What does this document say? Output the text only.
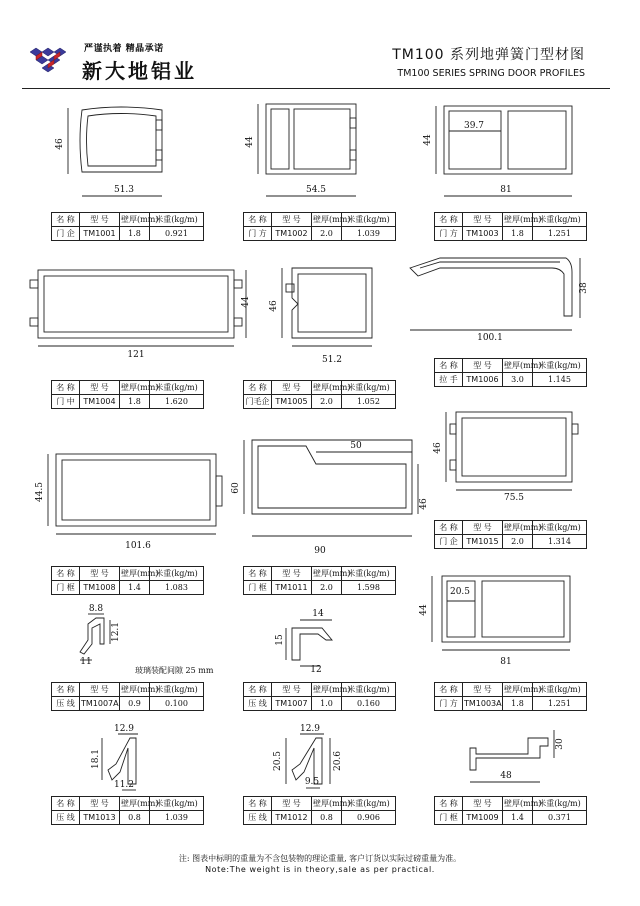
严谨执着 精晶承诺
新大地铝业
TM100 系列地弹簧门型材图
TM100 SERIES SPRING DOOR PROFILES
46
51.3
44
54.5
44
39.7
81
44
121
46
51.2
38
100.1
44.5
101.6
60
50
46
90
46
75.5
8.8
12.1
11
14
15
12
44
20.5
81
12.9
18.1
11.2
12.9
20.5	20.6
9.5
30
48
名 称	型 号	壁厚(mm)	米重(kg/m)
门 企	TM1001	1.8	0.921
名 称	型 号	壁厚(mm)	米重(kg/m)
门 方	TM1002	2.0	1.039
名 称	型 号	壁厚(mm)	米重(kg/m)
门 方	TM1003	1.8	1.251
名 称	型 号	壁厚(mm)	米重(kg/m)
门 中	TM1004	1.8	1.620
名 称	型 号	壁厚(mm)	米重(kg/m)
门毛企	TM1005	2.0	1.052
名 称	型 号	壁厚(mm)	米重(kg/m)
拉 手	TM1006	3.0	1.145
名 称	型 号	壁厚(mm)	米重(kg/m)
门 框	TM1008	1.4	1.083
名 称	型 号	壁厚(mm)	米重(kg/m)
门 框	TM1011	2.0	1.598
名 称	型 号	壁厚(mm)	米重(kg/m)
门 企	TM1015	2.0	1.314
玻璃装配间隙 25 mm
名 称	型 号	壁厚(mm)	米重(kg/m)
压 线	TM1007A	0.9	0.100
名 称	型 号	壁厚(mm)	米重(kg/m)
压 线	TM1007	1.0	0.160
名 称	型 号	壁厚(mm)	米重(kg/m)
门 方	TM1003A	1.8	1.251
名 称	型 号	壁厚(mm)	米重(kg/m)
压 线	TM1013	0.8	1.039
名 称	型 号	壁厚(mm)	米重(kg/m)
压 线	TM1012	0.8	0.906
名 称	型 号	壁厚(mm)	米重(kg/m)
门 框	TM1009	1.4	0.371
注: 图表中标明的重量为不含包装物的理论重量, 客户订货以实际过磅重量为准。
Note:The weight is in theory,sale as per practical.
